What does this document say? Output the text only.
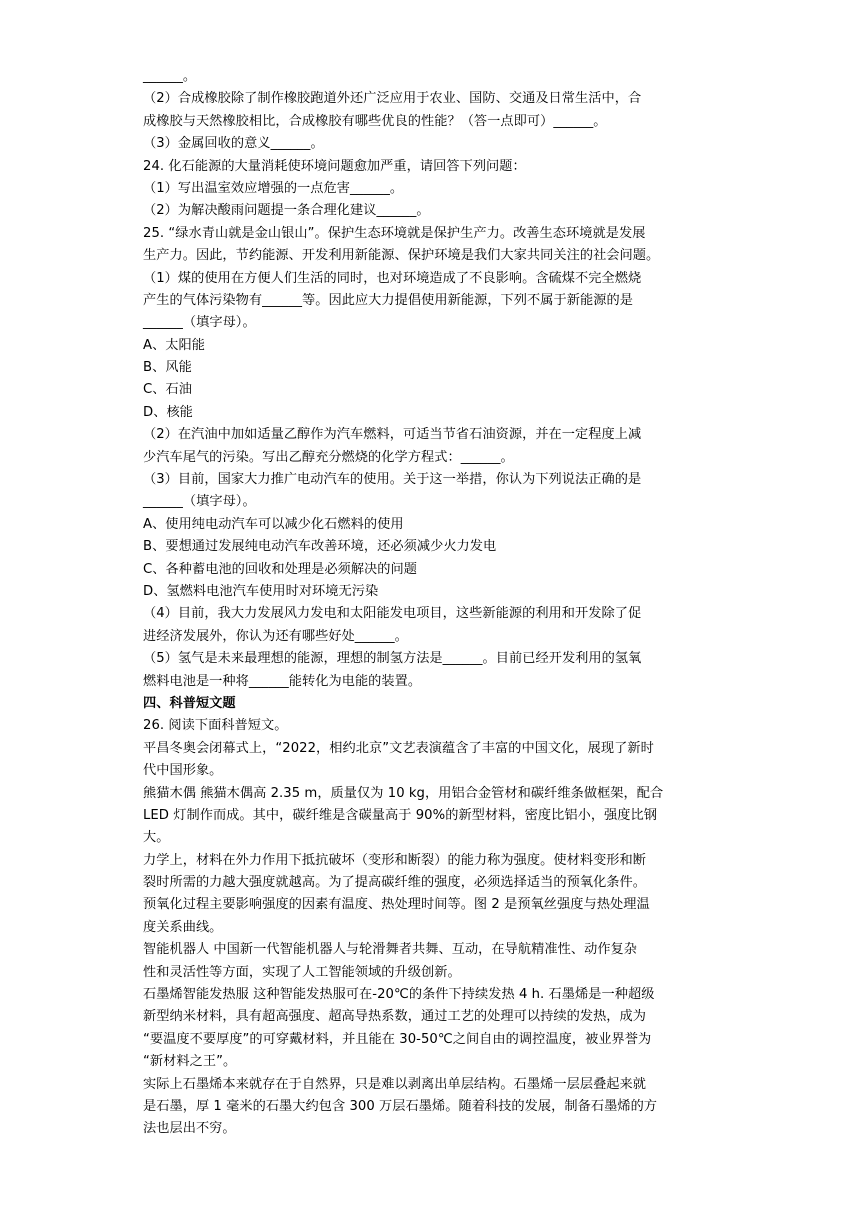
______。
（2）合成橡胶除了制作橡胶跑道外还广泛应用于农业、国防、交通及日常生活中，合
成橡胶与天然橡胶相比，合成橡胶有哪些优良的性能？（答一点即可）______。
（3）金属回收的意义______。
24. 化石能源的大量消耗使环境问题愈加严重，请回答下列问题：
（1）写出温室效应增强的一点危害______。
（2）为解决酸雨问题提一条合理化建议______。
25. “绿水青山就是金山银山”。保护生态环境就是保护生产力。改善生态环境就是发展
生产力。因此，节约能源、开发利用新能源、保护环境是我们大家共同关注的社会问题。
（1）煤的使用在方便人们生活的同时，也对环境造成了不良影响。含硫煤不完全燃烧
产生的气体污染物有______等。因此应大力提倡使用新能源，下列不属于新能源的是
______（填字母）。
A、太阳能
B、风能
C、石油
D、核能
（2）在汽油中加如适量乙醇作为汽车燃料，可适当节省石油资源，并在一定程度上减
少汽车尾气的污染。写出乙醇充分燃烧的化学方程式：______。
（3）目前，国家大力推广电动汽车的使用。关于这一举措，你认为下列说法正确的是
______（填字母）。
A、使用纯电动汽车可以减少化石燃料的使用
B、要想通过发展纯电动汽车改善环境，还必须减少火力发电
C、各种蓄电池的回收和处理是必须解决的问题
D、氢燃料电池汽车使用时对环境无污染
（4）目前，我大力发展风力发电和太阳能发电项目，这些新能源的利用和开发除了促
进经济发展外，你认为还有哪些好处______。
（5）氢气是未来最理想的能源，理想的制氢方法是______。目前已经开发利用的氢氧
燃料电池是一种将______能转化为电能的装置。
四、科普短文题
26. 阅读下面科普短文。
平昌冬奥会闭幕式上，“2022，相约北京”文艺表演蕴含了丰富的中国文化，展现了新时
代中国形象。
熊猫木偶 熊猫木偶高 2.35 m，质量仅为 10 kg，用铝合金管材和碳纤维条做框架，配合
LED 灯制作而成。其中，碳纤维是含碳量高于 90%的新型材料，密度比铝小，强度比钢
大。
力学上，材料在外力作用下抵抗破坏（变形和断裂）的能力称为强度。使材料变形和断
裂时所需的力越大强度就越高。为了提高碳纤维的强度，必须选择适当的预氧化条件。
预氧化过程主要影响强度的因素有温度、热处理时间等。图 2 是预氧丝强度与热处理温
度关系曲线。
智能机器人 中国新一代智能机器人与轮滑舞者共舞、互动，在导航精准性、动作复杂
性和灵活性等方面，实现了人工智能领域的升级创新。
石墨烯智能发热服 这种智能发热服可在-20℃的条件下持续发热 4 h. 石墨烯是一种超级
新型纳米材料，具有超高强度、超高导热系数，通过工艺的处理可以持续的发热，成为
“要温度不要厚度”的可穿戴材料，并且能在 30-50℃之间自由的调控温度，被业界誉为
“新材料之王”。
实际上石墨烯本来就存在于自然界，只是难以剥离出单层结构。石墨烯一层层叠起来就
是石墨，厚 1 毫米的石墨大约包含 300 万层石墨烯。随着科技的发展，制备石墨烯的方
法也层出不穷。
